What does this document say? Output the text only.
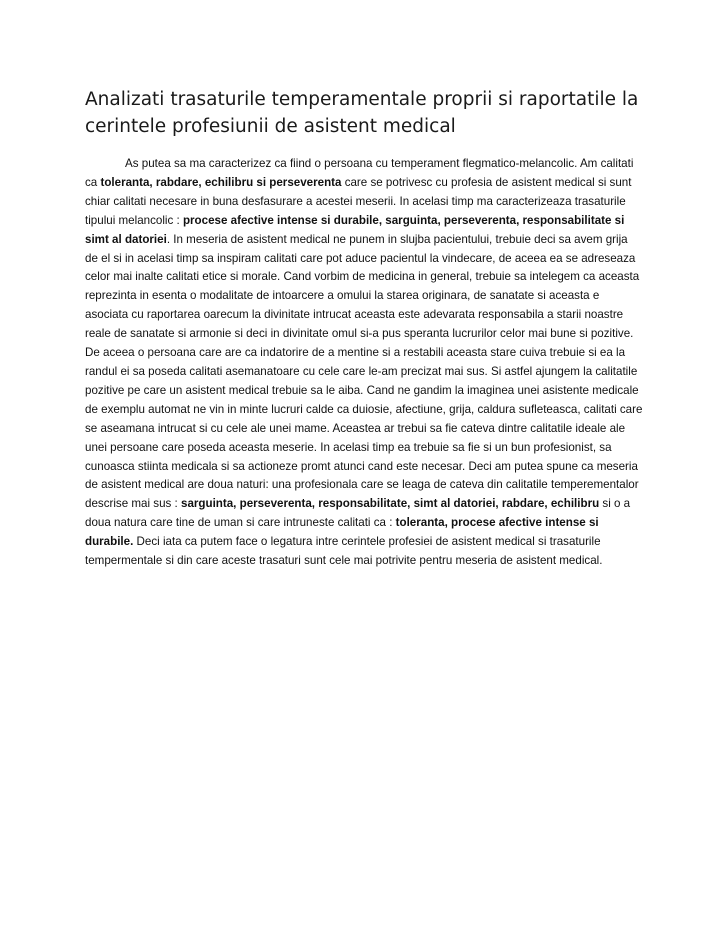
Analizati trasaturile temperamentale proprii si raportatile la cerintele profesiunii de asistent medical

As putea sa ma caracterizez ca fiind o persoana cu temperament flegmatico-melancolic. Am calitati ca toleranta, rabdare, echilibru si perseverenta care se potrivesc cu profesia de asistent medical si sunt chiar calitati necesare in buna desfasurare a acestei meserii. In acelasi timp ma caracterizeaza trasaturile tipului melancolic : procese afective intense si durabile, sarguinta, perseverenta, responsabilitate si simt al datoriei. In meseria de asistent medical ne punem in slujba pacientului, trebuie deci sa avem grija de el si in acelasi timp sa inspiram calitati care pot aduce pacientul la vindecare, de aceea ea se adreseaza celor mai inalte calitati etice si morale. Cand vorbim de medicina in general, trebuie sa intelegem ca aceasta reprezinta in esenta o modalitate de intoarcere a omului la starea originara, de sanatate si aceasta e asociata cu raportarea oarecum la divinitate intrucat aceasta este adevarata responsabila a starii noastre reale de sanatate si armonie si deci in divinitate omul si-a pus speranta lucrurilor celor mai bune si pozitive. De aceea o persoana care are ca indatorire de a mentine si a restabili aceasta stare cuiva trebuie si ea la randul ei sa poseda calitati asemanatoare cu cele care le-am precizat mai sus. Si astfel ajungem la calitatile pozitive pe care un asistent medical trebuie sa le aiba. Cand ne gandim la imaginea unei asistente medicale de exemplu automat ne vin in minte lucruri calde ca duiosie, afectiune, grija, caldura sufleteasca, calitati care se aseamana intrucat si cu cele ale unei mame. Aceastea ar trebui sa fie cateva dintre calitatile ideale ale unei persoane care poseda aceasta meserie. In acelasi timp ea trebuie sa fie si un bun profesionist, sa cunoasca stiinta medicala si sa actioneze promt atunci cand este necesar. Deci am putea spune ca meseria de asistent medical are doua naturi: una profesionala care se leaga de cateva din calitatile temperementalor descrise mai sus : sarguinta, perseverenta, responsabilitate, simt al datoriei, rabdare, echilibru si o a doua natura care tine de uman si care intruneste calitati ca : toleranta, procese afective intense si durabile. Deci iata ca putem face o legatura intre cerintele profesiei de asistent medical si trasaturile tempermentale si din care aceste trasaturi sunt cele mai potrivite pentru meseria de asistent medical.
